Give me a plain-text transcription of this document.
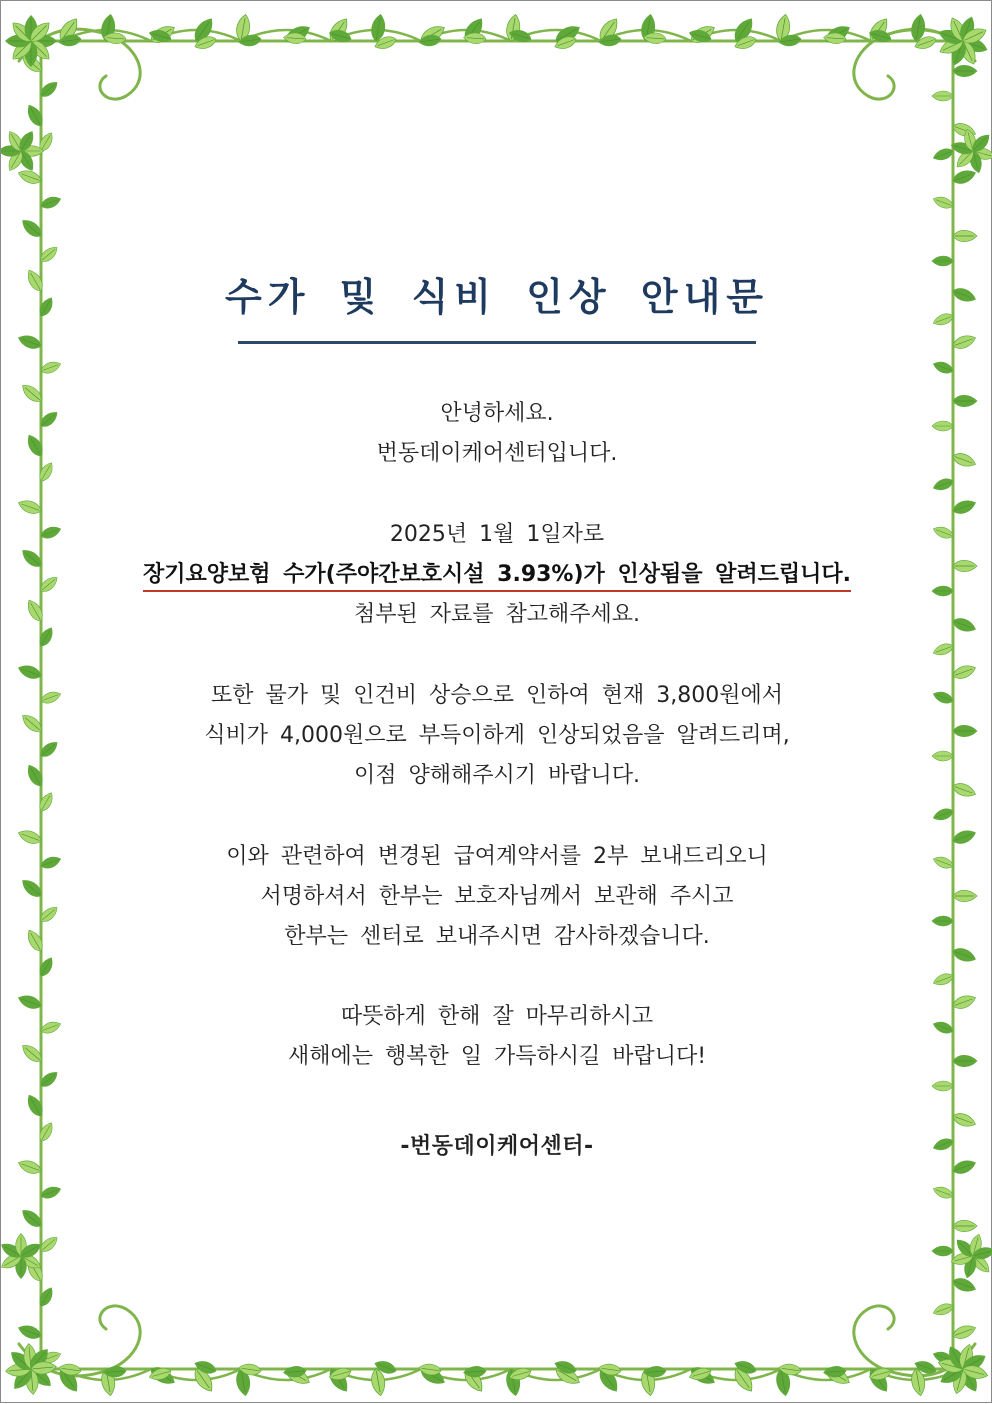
수가 및 식비 인상 안내문
안녕하세요.
번동데이케어센터입니다.
2025년 1월 1일자로
장기요양보험 수가(주야간보호시설 3.93%)가 인상됨을 알려드립니다.
첨부된 자료를 참고해주세요.
또한 물가 및 인건비 상승으로 인하여 현재 3,800원에서
식비가 4,000원으로 부득이하게 인상되었음을 알려드리며,
이점 양해해주시기 바랍니다.
이와 관련하여 변경된 급여계약서를 2부 보내드리오니
서명하셔서 한부는 보호자님께서 보관해 주시고
한부는 센터로 보내주시면 감사하겠습니다.
따뜻하게 한해 잘 마무리하시고
새해에는 행복한 일 가득하시길 바랍니다!

-번동데이케어센터-
